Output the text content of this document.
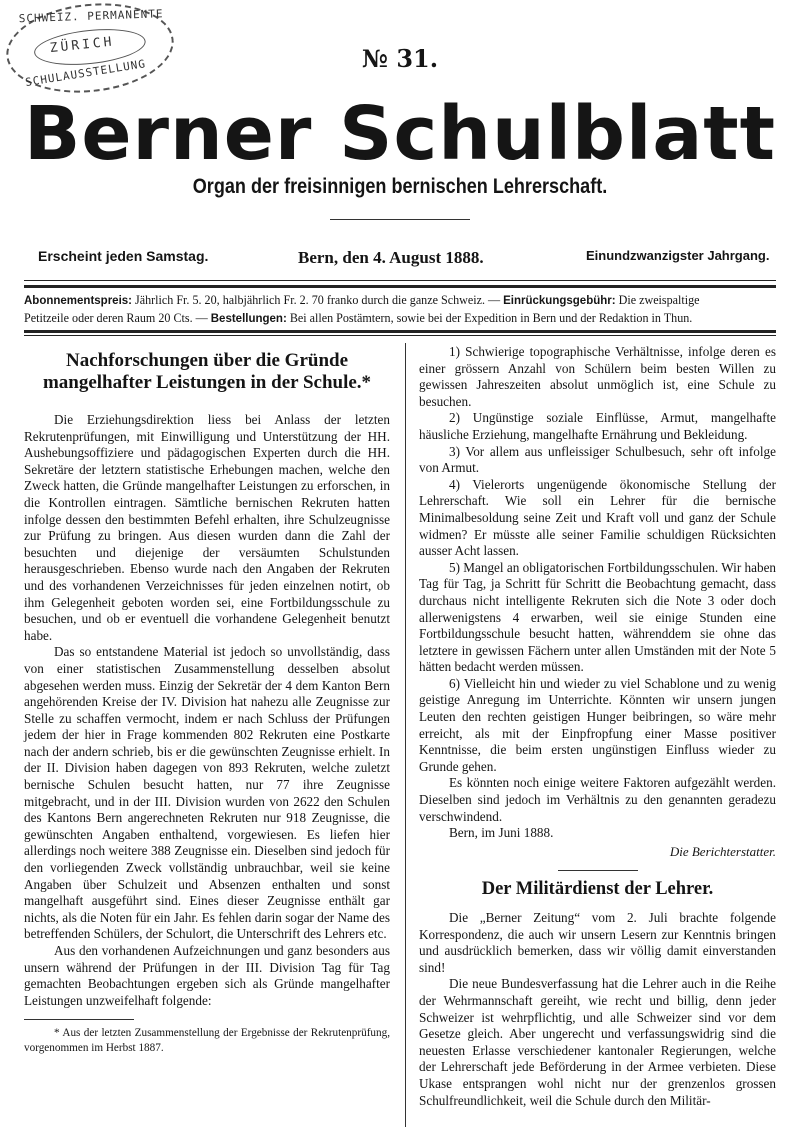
SCHWEIZ. PERMANENTE
ZÜRICH
SCHULAUSSTELLUNG	№ 31.
Berner Schulblatt
Organ der freisinnigen bernischen Lehrerschaft.
Erscheint jeden Samstag.	Bern, den 4. August 1888.	Einundzwanzigster Jahrgang.
Abonnementspreis: Jährlich Fr. 5. 20, halbjährlich Fr. 2. 70 franko durch die ganze Schweiz. — Einrückungsgebühr: Die zweispaltige
Petitzeile oder deren Raum 20 Cts. — Bestellungen: Bei allen Postämtern, sowie bei der Expedition in Bern und der Redaktion in Thun.
Nachforschungen über die Gründe mangelhafter Leistungen in der Schule.*

Die Erziehungsdirektion liess bei Anlass der letzten Rekrutenprüfungen, mit Einwilligung und Unterstützung der HH. Aushebungsoffiziere und pädagogischen Experten durch die HH. Sekretäre der letztern statistische Erhebungen machen, welche den Zweck hatten, die Gründe mangelhafter Leistungen zu erforschen, in die Kontrollen eintragen. Sämtliche bernischen Rekruten hatten infolge dessen den bestimmten Befehl erhalten, ihre Schulzeugnisse zur Prüfung zu bringen. Aus diesen wurden dann die Zahl der besuchten und diejenige der versäumten Schulstunden herausgeschrieben. Ebenso wurde nach den Angaben der Rekruten und des vorhandenen Verzeichnisses für jeden einzelnen notirt, ob ihm Gelegenheit geboten worden sei, eine Fortbildungsschule zu besuchen, und ob er eventuell die vorhandene Gelegenheit benutzt habe.

Das so entstandene Material ist jedoch so unvollständig, dass von einer statistischen Zusammenstellung desselben absolut abgesehen werden muss. Einzig der Sekretär der 4 dem Kanton Bern angehörenden Kreise der IV. Division hat nahezu alle Zeugnisse zur Stelle zu schaffen vermocht, indem er nach Schluss der Prüfungen jedem der hier in Frage kommenden 802 Rekruten eine Postkarte nach der andern schrieb, bis er die gewünschten Zeugnisse erhielt. In der II. Division haben dagegen von 893 Rekruten, welche zuletzt bernische Schulen besucht hatten, nur 77 ihre Zeugnisse mitgebracht, und in der III. Division wurden von 2622 den Schulen des Kantons Bern angerechneten Rekruten nur 918 Zeugnisse, die gewünschten Angaben enthaltend, vorgewiesen. Es liefen hier allerdings noch weitere 388 Zeugnisse ein. Dieselben sind jedoch für den vorliegenden Zweck vollständig unbrauchbar, weil sie keine Angaben über Schulzeit und Absenzen enthalten und sonst mangelhaft ausgeführt sind. Eines dieser Zeugnisse enthält gar nichts, als die Noten für ein Jahr. Es fehlen darin sogar der Name des betreffenden Schülers, der Schulort, die Unterschrift des Lehrers etc.

Aus den vorhandenen Aufzeichnungen und ganz besonders aus unsern während der Prüfungen in der III. Division Tag für Tag gemachten Beobachtungen ergeben sich als Gründe mangelhafter Leistungen unzweifelhaft folgende:

* Aus der letzten Zusammenstellung der Ergebnisse der Rekrutenprüfung, vorgenommen im Herbst 1887.

1) Schwierige topographische Verhältnisse, infolge deren es einer grössern Anzahl von Schülern beim besten Willen zu gewissen Jahreszeiten absolut unmöglich ist, eine Schule zu besuchen.

2) Ungünstige soziale Einflüsse, Armut, mangelhafte häusliche Erziehung, mangelhafte Ernährung und Bekleidung.

3) Vor allem aus unfleissiger Schulbesuch, sehr oft infolge von Armut.

4) Vielerorts ungenügende ökonomische Stellung der Lehrerschaft. Wie soll ein Lehrer für die bernische Minimalbesoldung seine Zeit und Kraft voll und ganz der Schule widmen? Er müsste alle seiner Familie schuldigen Rücksichten ausser Acht lassen.

5) Mangel an obligatorischen Fortbildungsschulen. Wir haben Tag für Tag, ja Schritt für Schritt die Beobachtung gemacht, dass durchaus nicht intelligente Rekruten sich die Note 3 oder doch allerwenigstens 4 erwarben, weil sie einige Stunden eine Fortbildungsschule besucht hatten, währenddem sie ohne das letztere in gewissen Fächern unter allen Umständen mit der Note 5 hätten bedacht werden müssen.

6) Vielleicht hin und wieder zu viel Schablone und zu wenig geistige Anregung im Unterrichte. Könnten wir unsern jungen Leuten den rechten geistigen Hunger beibringen, so wäre mehr erreicht, als mit der Einpfropfung einer Masse positiver Kenntnisse, die beim ersten ungünstigen Einfluss wieder zu Grunde gehen.

Es könnten noch einige weitere Faktoren aufgezählt werden. Dieselben sind jedoch im Verhältnis zu den genannten geradezu verschwindend.

Bern, im Juni 1888.

Die Berichterstatter.
Der Militärdienst der Lehrer.

Die „Berner Zeitung“ vom 2. Juli brachte folgende Korrespondenz, die auch wir unsern Lesern zur Kenntnis bringen und ausdrücklich bemerken, dass wir völlig damit einverstanden sind!

Die neue Bundesverfassung hat die Lehrer auch in die Reihe der Wehrmannschaft gereiht, wie recht und billig, denn jeder Schweizer ist wehrpflichtig, und alle Schweizer sind vor dem Gesetze gleich. Aber ungerecht und verfassungswidrig sind die neuesten Erlasse verschiedener kantonaler Regierungen, welche der Lehrerschaft jede Beförderung in der Armee verbieten. Diese Ukase entsprangen wohl nicht nur der grenzenlos grossen Schulfreundlichkeit, weil die Schule durch den Militär-
